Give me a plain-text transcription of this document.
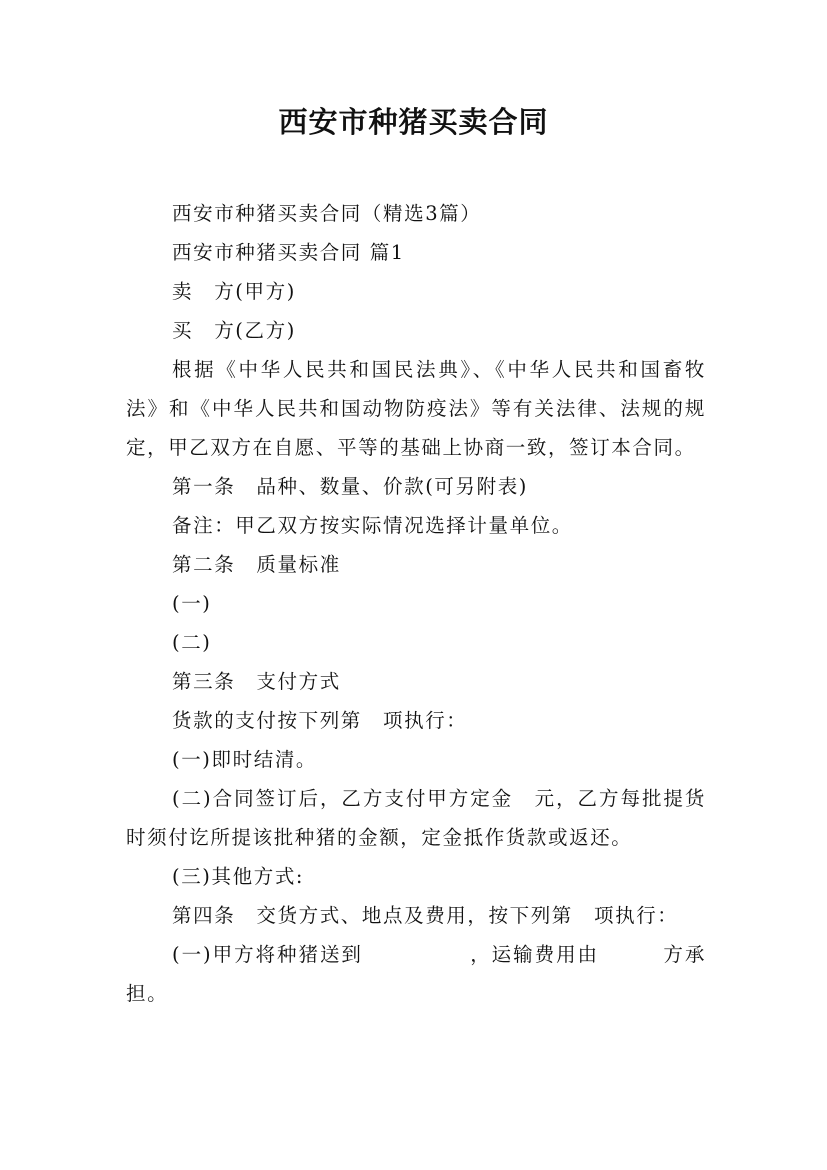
西安市种猪买卖合同

西安市种猪买卖合同（精选3篇）

西安市种猪买卖合同 篇1

卖　方(甲方)

买　方(乙方)

根据《中华人民共和国民法典》、《中华人民共和国畜牧法》和《中华人民共和国动物防疫法》等有关法律、法规的规定，甲乙双方在自愿、平等的基础上协商一致，签订本合同。

第一条　品种、数量、价款(可另附表)

备注：甲乙双方按实际情况选择计量单位。

第二条　质量标准

(一)

(二)

第三条　支付方式

货款的支付按下列第　项执行：

(一)即时结清。

(二)合同签订后，乙方支付甲方定金　元，乙方每批提货时须付讫所提该批种猪的金额，定金抵作货款或返还。

(三)其他方式:

第四条　交货方式、地点及费用，按下列第　项执行：

(一)甲方将种猪送到　　　　　，运输费用由　　　方承担。
